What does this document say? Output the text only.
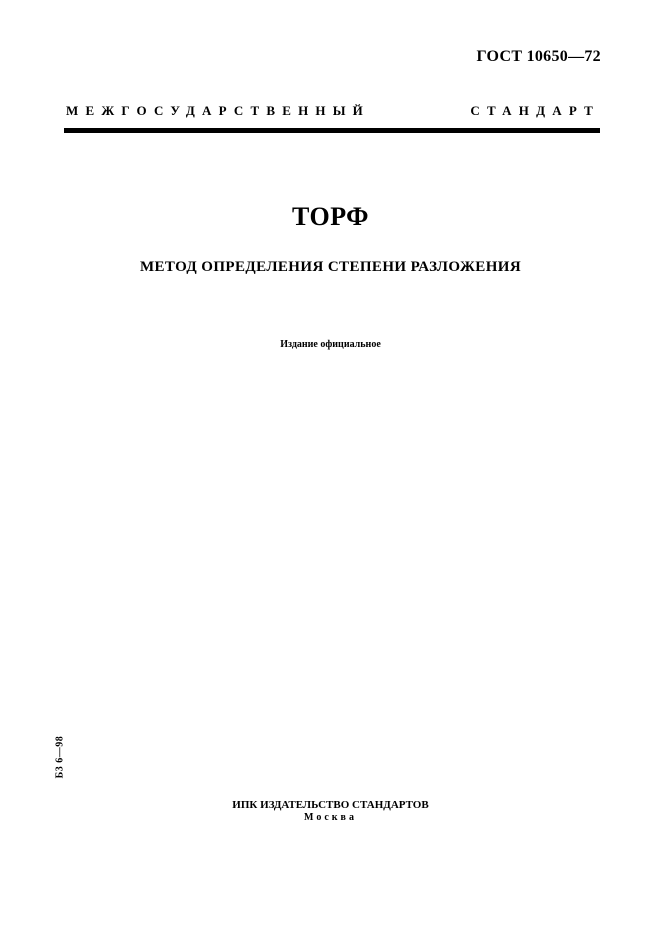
ГОСТ 10650—72
МЕЖГОСУДАРСТВЕННЫЙ	СТАНДАРТ
ТОРФ
МЕТОД ОПРЕДЕЛЕНИЯ СТЕПЕНИ РАЗЛОЖЕНИЯ
Издание официальное
Б3 6—98
ИПК ИЗДАТЕЛЬСТВО СТАНДАРТОВ
Москва
